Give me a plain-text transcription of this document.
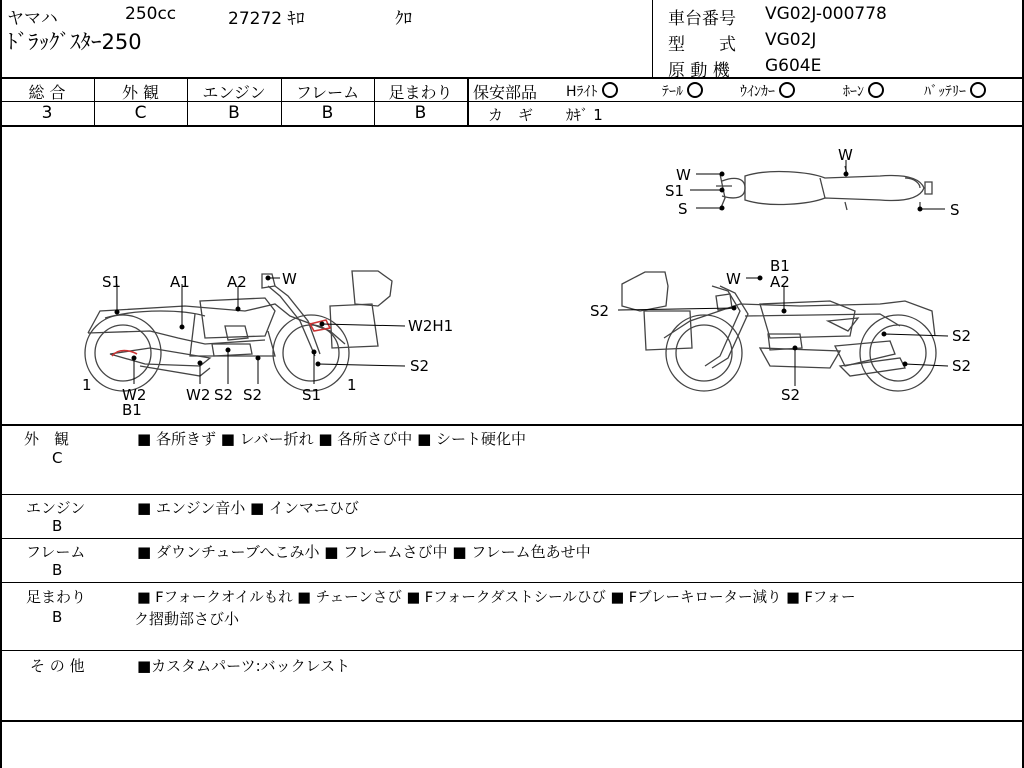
ヤマハ	250cc	27272 ｷﾛ	ｸﾛ
ﾄﾞﾗｯｸﾞｽﾀｰ250
車台番号 VG02J-000778
型　　式 VG02J
原 動 機 G604E
総 合
3
外 観
C
エンジン
B
フレーム
B
足まわり
B
保安部品 Hﾗｲﾄ	ﾃｰﾙ	ｳｲﾝｶｰ	ﾎｰﾝ	ﾊﾞｯﾃﾘｰ
カ　ギ ｶｷﾞ 1
S1	A1 A2 W
W2H1
S2
1
W2
B1
W2 S2 S2	S1
1
W
B1
A2
S2
S2
S2
S2
W
S1
S
W
S
外　観
C
■ 各所きず ■ レバー折れ ■ 各所さび中 ■ シート硬化中
エンジン
B
■ エンジン音小 ■ インマニひび
フレーム
B
■ ダウンチューブへこみ小 ■ フレームさび中 ■ フレーム色あせ中
足まわり
B
■ Fフォークオイルもれ ■ チェーンさび ■ Fフォークダストシールひび ■ Fブレーキローター減り ■ Fフォー
ク摺動部さび小
そ の 他	■カスタムパーツ:バックレスト
